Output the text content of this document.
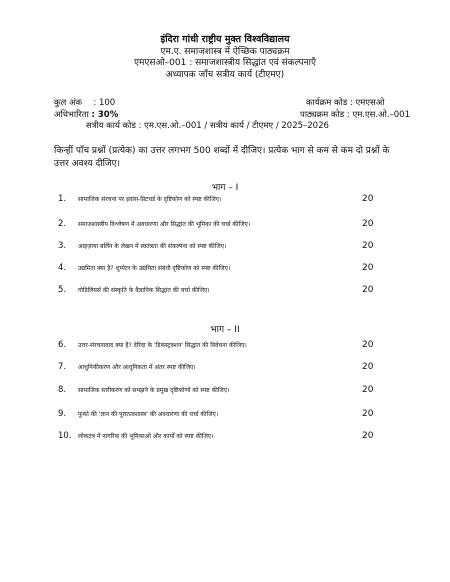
इंदिरा गांधी राष्ट्रीय मुक्त विश्वविद्यालय
एम.ए. समाजशास्त्र में ऐच्छिक पाठ्यक्रम
एमएसओ–001 : समाजशास्त्रीय सिद्धांत एवं संकल्पनाएँ
अध्यापक जाँच सत्रीय कार्य (टीएमए)
कुल अंक : 100
अधिभारिता : 30%
कार्यक्रम कोड : एमएसओ
पाठ्यक्रम कोड : एम.एस.ओ.–001
सत्रीय कार्य कोड : एम.एस.ओ.–001 / सत्रीय कार्य / टीएमए / 2025–2026
किन्हीं पाँच प्रश्नों (प्रत्येक) का उत्तर लगभग 500 शब्दों में दीजिए। प्रत्येक भाग से कम से कम दो प्रश्नों के उत्तर अवश्य दीजिए।
भाग – I
1. सामाजिक संरचना पर इवांस-प्रिटचर्ड के दृष्टिकोण को स्पष्ट कीजिए।	20
2. समाजशास्त्रीय विश्लेषण में अवधारणा और सिद्धांत की भूमिका की चर्चा कीजिए।	20
3. आइज़ाया बर्लिन के लेखन में स्वतंत्रता की संकल्पना को स्पष्ट कीजिए।	20
4. उद्यमिता क्या है? शुम्पेटर के उद्यमिता संबंधी दृष्टिकोण को स्पष्ट कीजिए।	20
5. गोडिलियर्स की संस्कृति के वैज्ञानिक सिद्धांत की चर्चा कीजिए।	20
भाग – II
6. उत्तर-संरचनावाद क्या है? देरिदा के 'डिकंस्ट्रक्शन' सिद्धांत की विवेचना कीजिए।	20
7. आधुनिकीकरण और आधुनिकता में अंतर स्पष्ट कीजिए।	20
8. सामाजिक स्तरीकरण को समझने के प्रमुख दृष्टिकोणों को स्पष्ट कीजिए।	20
9. फूको की 'ज्ञान की पुरातत्वशास्त्र' की अवधारणा की चर्चा कीजिए।	20
10. लोकतंत्र में नागरिक की भूमिकाओं और कार्यों को स्पष्ट कीजिए।	20
